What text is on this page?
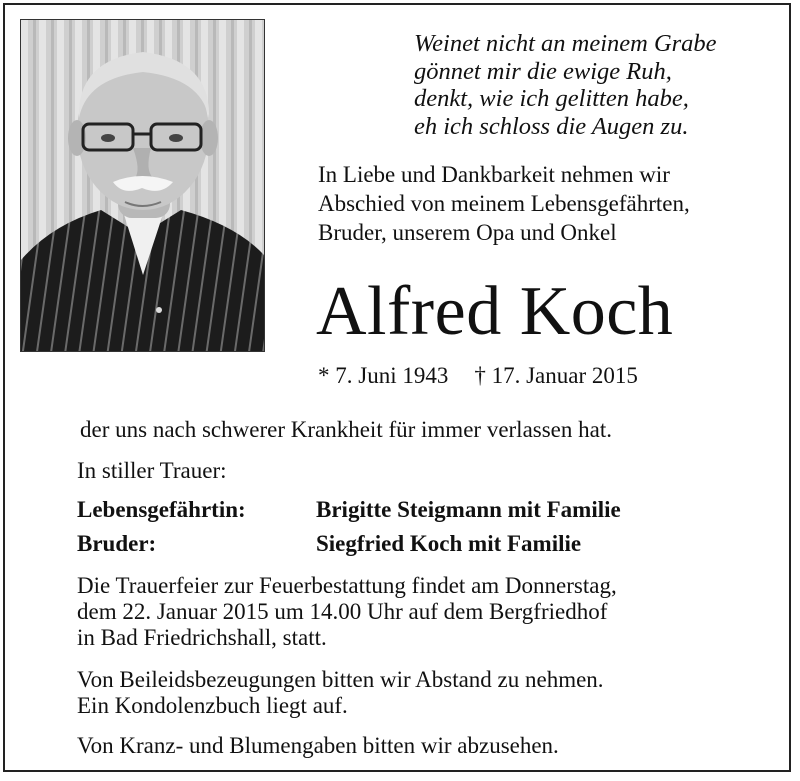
Weinet nicht an meinem Grabe
gönnet mir die ewige Ruh,
denkt, wie ich gelitten habe,
eh ich schloss die Augen zu.
In Liebe und Dankbarkeit nehmen wir
Abschied von meinem Lebensgefährten,
Bruder, unserem Opa und Onkel
Alfred Koch
* 7. Juni 1943 † 17. Januar 2015
der uns nach schwerer Krankheit für immer verlassen hat.
In stiller Trauer:
Lebensgefährtin:	Brigitte Steigmann mit Familie
Bruder:	Siegfried Koch mit Familie
Die Trauerfeier zur Feuerbestattung findet am Donnerstag,
dem 22. Januar 2015 um 14.00 Uhr auf dem Bergfriedhof
in Bad Friedrichshall, statt.
Von Beileidsbezeugungen bitten wir Abstand zu nehmen.
Ein Kondolenzbuch liegt auf.
Von Kranz- und Blumengaben bitten wir abzusehen.
